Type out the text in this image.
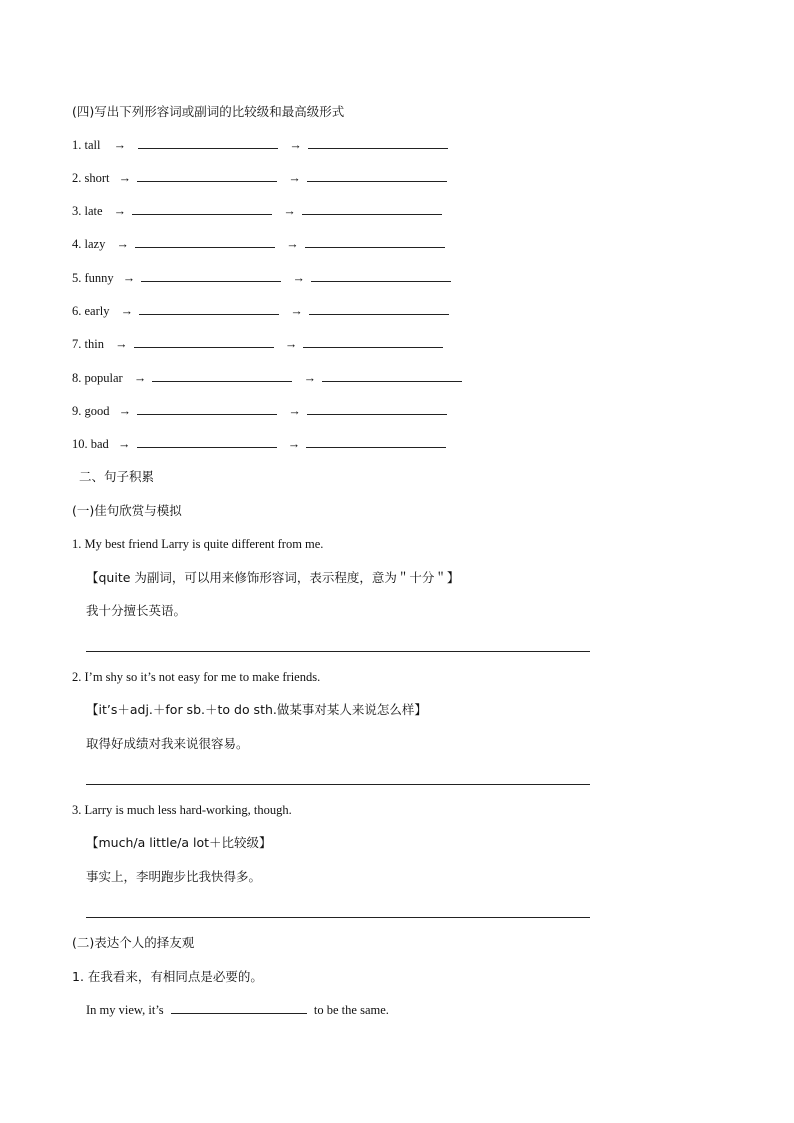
(四)写出下列形容词或副词的比较级和最高级形式
1. tall →	→
2. short →	→
3. late →	→
4. lazy →	→
5. funny →	→
6. early →	→
7. thin →	→
8. popular →	→
9. good →	→
10. bad →	→
二、句子积累
(一)佳句欣赏与模拟
1. My best friend Larry is quite different from me.
【quite 为副词，可以用来修饰形容词，表示程度，意为＂十分＂】
我十分擅长英语。
2. I’m shy so it’s not easy for me to make friends.
【it’s＋adj.＋for sb.＋to do sth.做某事对某人来说怎么样】
取得好成绩对我来说很容易。
3. Larry is much less hard-working, though.
【much/a little/a lot＋比较级】
事实上，李明跑步比我快得多。
(二)表达个人的择友观
1. 在我看来，有相同点是必要的。
In my view, it’s	to be the same.
